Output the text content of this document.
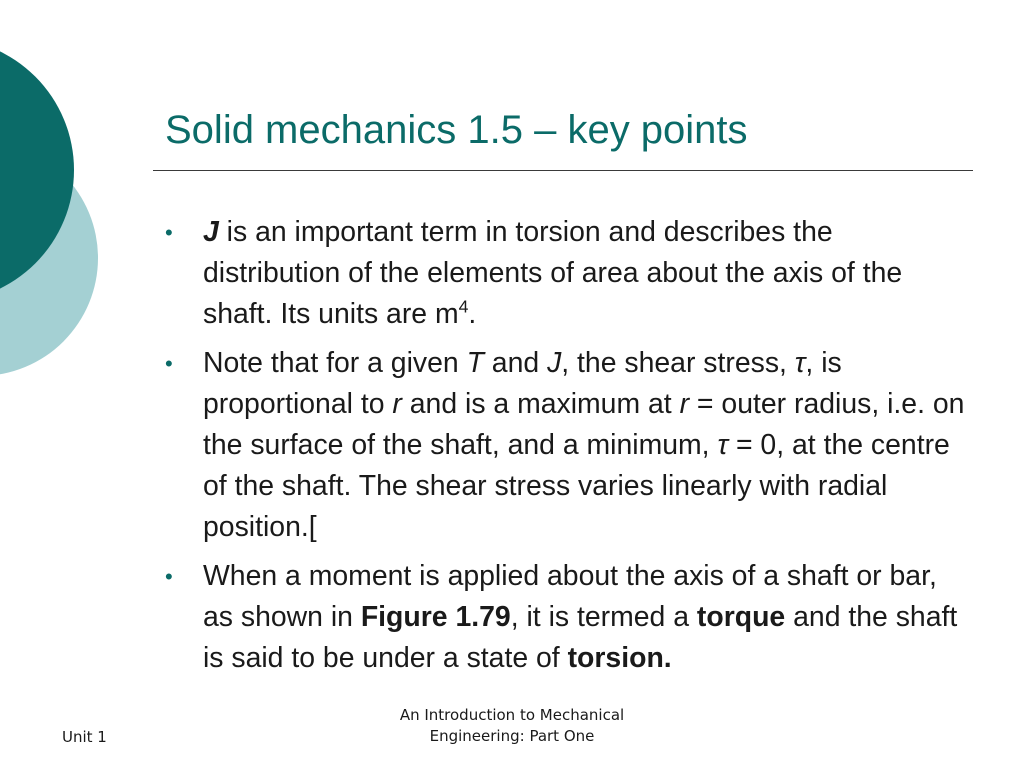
Solid mechanics 1.5 – key points
• J is an important term in torsion and describes the distribution of the elements of area about the axis of the shaft. Its units are $m^4$.
• Note that for a given T and J, the shear stress, τ, is proportional to r and is a maximum at r = outer radius, i.e. on the surface of the shaft, and a minimum, τ = 0, at the centre of the shaft. The shear stress varies linearly with radial position.[
• When a moment is applied about the axis of a shaft or bar, as shown in Figure 1.79, it is termed a torque and the shaft is said to be under a state of torsion.
Unit 1
An Introduction to Mechanical
Engineering: Part One
